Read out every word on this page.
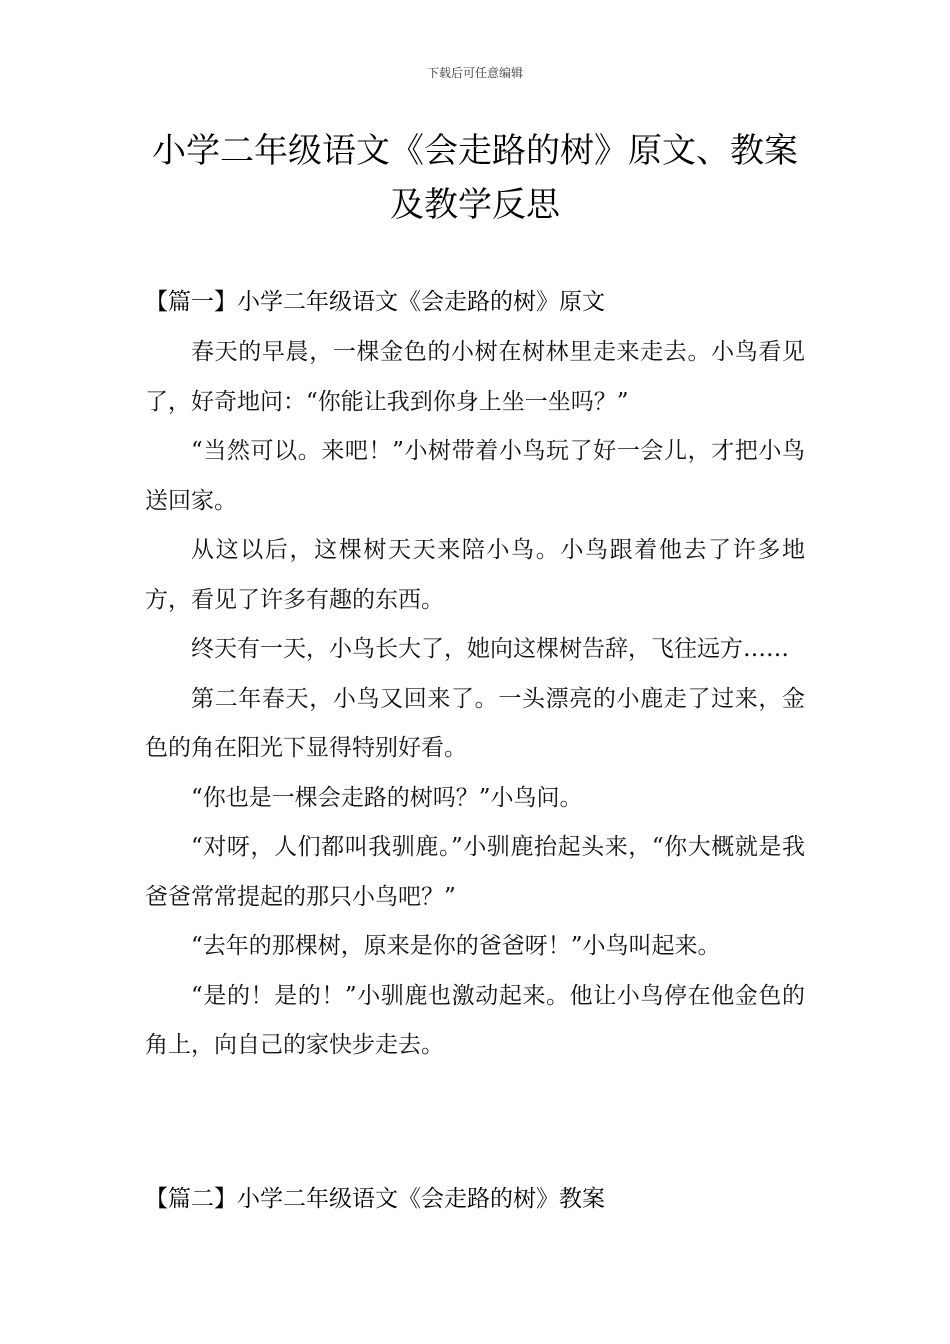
下载后可任意编辑
小学二年级语文《会走路的树》原文、教案及教学反思
【篇一】小学二年级语文《会走路的树》原文

春天的早晨，一棵金色的小树在树林里走来走去。小鸟看见了，好奇地问：“你能让我到你身上坐一坐吗？”

“当然可以。来吧！”小树带着小鸟玩了好一会儿，才把小鸟送回家。

从这以后，这棵树天天来陪小鸟。小鸟跟着他去了许多地方，看见了许多有趣的东西。

终天有一天，小鸟长大了，她向这棵树告辞，飞往远方……

第二年春天，小鸟又回来了。一头漂亮的小鹿走了过来，金色的角在阳光下显得特别好看。

“你也是一棵会走路的树吗？”小鸟问。

“对呀，人们都叫我驯鹿。”小驯鹿抬起头来，“你大概就是我爸爸常常提起的那只小鸟吧？”

“去年的那棵树，原来是你的爸爸呀！”小鸟叫起来。

“是的！是的！”小驯鹿也激动起来。他让小鸟停在他金色的角上，向自己的家快步走去。

【篇二】小学二年级语文《会走路的树》教案
